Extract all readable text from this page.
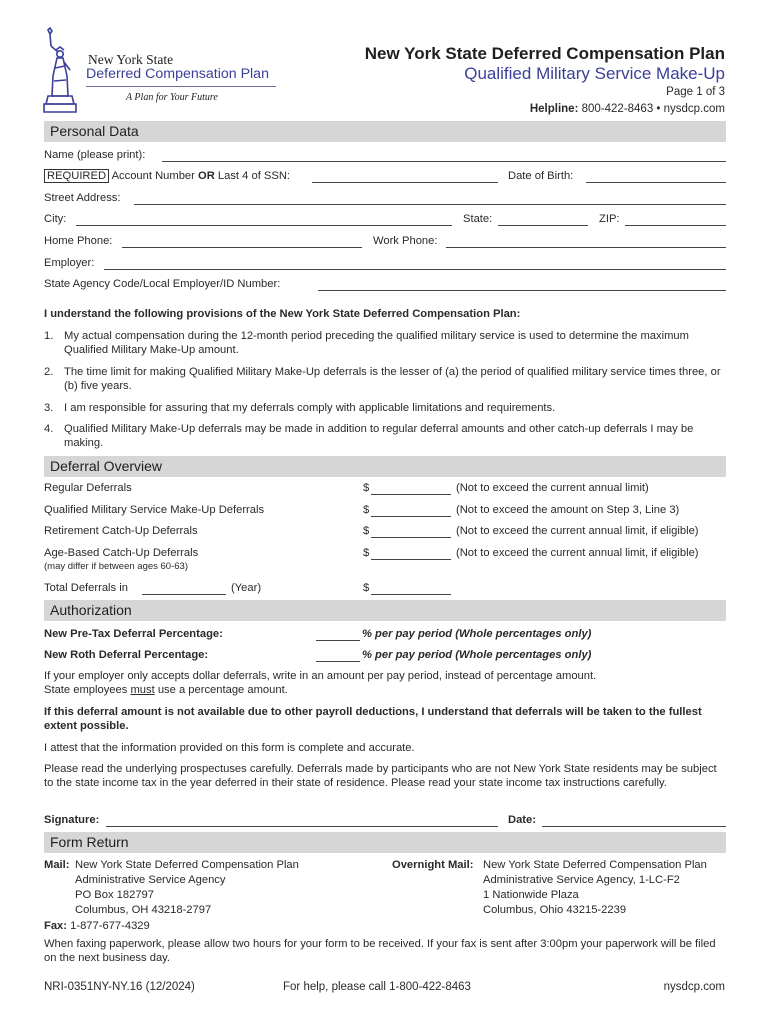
New York State
Deferred Compensation Plan
A Plan for Your Future
New York State Deferred Compensation Plan
Qualified Military Service Make-Up
Page 1 of 3
Helpline: 800-422-8463 • nysdcp.com
Personal Data
Name (please print):
REQUIRED Account Number OR Last 4 of SSN:	Date of Birth:
Street Address:
City:	State:	ZIP:
Home Phone:	Work Phone:
Employer:
State Agency Code/Local Employer/ID Number:
I understand the following provisions of the New York State Deferred Compensation Plan:
1. My actual compensation during the 12-month period preceding the qualified military service is used to determine the maximum Qualified Military Make-Up amount.
2. The time limit for making Qualified Military Make-Up deferrals is the lesser of (a) the period of qualified military service times three, or (b) five years.
3. I am responsible for assuring that my deferrals comply with applicable limitations and requirements.
4. Qualified Military Make-Up deferrals may be made in addition to regular deferral amounts and other catch-up deferrals I may be making.
Deferral Overview
Regular Deferrals	$	(Not to exceed the current annual limit)
Qualified Military Service Make-Up Deferrals	$	(Not to exceed the amount on Step 3, Line 3)
Retirement Catch-Up Deferrals	$	(Not to exceed the current annual limit, if eligible)
Age-Based Catch-Up Deferrals	$	(Not to exceed the current annual limit, if eligible)
(may differ if between ages 60-63)
Total Deferrals in	(Year)	$
Authorization
New Pre-Tax Deferral Percentage:	% per pay period (Whole percentages only)
New Roth Deferral Percentage:	% per pay period (Whole percentages only)
If your employer only accepts dollar deferrals, write in an amount per pay period, instead of percentage amount.
State employees must use a percentage amount.
If this deferral amount is not available due to other payroll deductions, I understand that deferrals will be taken to the fullest extent possible.
I attest that the information provided on this form is complete and accurate.
Please read the underlying prospectuses carefully. Deferrals made by participants who are not New York State residents may be subject to the state income tax in the year deferred in their state of residence. Please read your state income tax instructions carefully.
Signature:	Date:
Form Return
Mail: New York State Deferred Compensation Plan
Administrative Service Agency
PO Box 182797
Columbus, OH 43218-2797
Overnight Mail: New York State Deferred Compensation Plan
Administrative Service Agency, 1-LC-F2
1 Nationwide Plaza
Columbus, Ohio 43215-2239
Fax: 1-877-677-4329
When faxing paperwork, please allow two hours for your form to be received. If your fax is sent after 3:00pm your paperwork will be filed on the next business day.
NRI-0351NY-NY.16 (12/2024)	For help, please call 1-800-422-8463	nysdcp.com
